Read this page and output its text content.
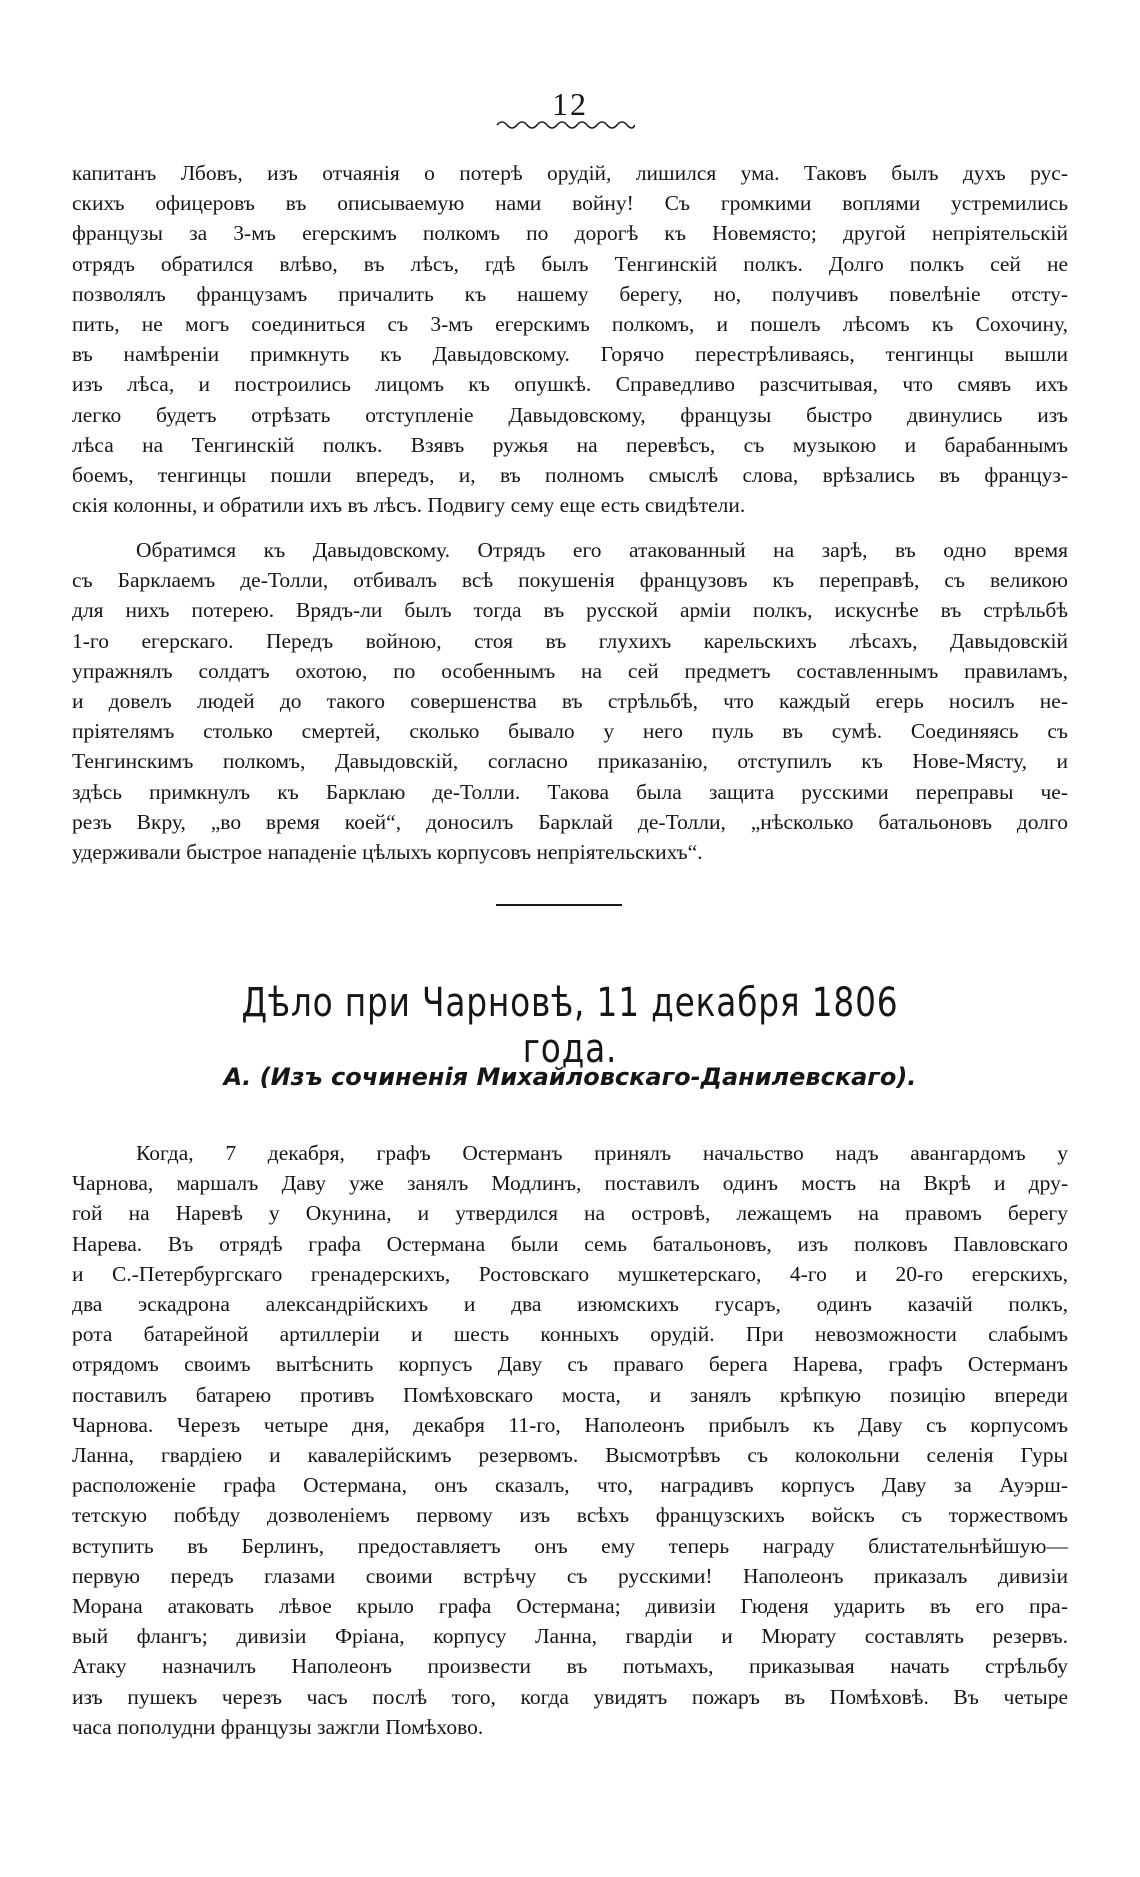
12
капитанъ Лбовъ, изъ отчаянія о потерѣ орудій, лишился ума. Таковъ былъ духъ рус-
скихъ офицеровъ въ описываемую нами войну! Съ громкими воплями устремились
французы за 3-мъ егерскимъ полкомъ по дорогѣ къ Новемясто; другой непріятельскій
отрядъ обратился влѣво, въ лѣсъ, гдѣ былъ Тенгинскій полкъ. Долго полкъ сей не
позволялъ французамъ причалить къ нашему берегу, но, получивъ повелѣніе отсту-
пить, не могъ соединиться съ 3-мъ егерскимъ полкомъ, и пошелъ лѣсомъ къ Сохочину,
въ намѣреніи примкнуть къ Давыдовскому. Горячо перестрѣливаясь, тенгинцы вышли
изъ лѣса, и построились лицомъ къ опушкѣ. Справедливо разсчитывая, что смявъ ихъ
легко будетъ отрѣзать отступленіе Давыдовскому, французы быстро двинулись изъ
лѣса на Тенгинскій полкъ. Взявъ ружья на перевѣсъ, съ музыкою и барабаннымъ
боемъ, тенгинцы пошли впередъ, и, въ полномъ смыслѣ слова, врѣзались въ француз-
скія колонны, и обратили ихъ въ лѣсъ. Подвигу сему еще есть свидѣтели.
Обратимся къ Давыдовскому. Отрядъ его атакованный на зарѣ, въ одно время
съ Барклаемъ де-Толли, отбивалъ всѣ покушенія французовъ къ переправѣ, съ великою
для нихъ потерею. Врядъ-ли былъ тогда въ русской арміи полкъ, искуснѣе въ стрѣльбѣ
1-го егерскаго. Передъ войною, стоя въ глухихъ карельскихъ лѣсахъ, Давыдовскій
упражнялъ солдатъ охотою, по особеннымъ на сей предметъ составленнымъ правиламъ,
и довелъ людей до такого совершенства въ стрѣльбѣ, что каждый егерь носилъ не-
пріятелямъ столько смертей, сколько бывало у него пуль въ сумѣ. Соединяясь съ
Тенгинскимъ полкомъ, Давыдовскій, согласно приказанію, отступилъ къ Нове-Мясту, и
здѣсь примкнулъ къ Барклаю де-Толли. Такова была защита русскими переправы че-
резъ Вкру, „во время коей“, доносилъ Барклай де-Толли, „нѣсколько батальоновъ долго
удерживали быстрое нападеніе цѣлыхъ корпусовъ непріятельскихъ“.
Дѣло при Чарновѣ, 11 декабря 1806 года.
А. (Изъ сочиненія Михайловскаго-Данилевскаго).
Когда, 7 декабря, графъ Остерманъ принялъ начальство надъ авангардомъ у
Чарнова, маршалъ Даву уже занялъ Модлинъ, поставилъ одинъ мостъ на Вкрѣ и дру-
гой на Наревѣ у Окунина, и утвердился на островѣ, лежащемъ на правомъ берегу
Нарева. Въ отрядѣ графа Остермана были семь батальоновъ, изъ полковъ Павловскаго
и С.-Петербургскаго гренадерскихъ, Ростовскаго мушкетерскаго, 4-го и 20-го егерскихъ,
два эскадрона александрійскихъ и два изюмскихъ гусаръ, одинъ казачій полкъ,
рота батарейной артиллеріи и шесть конныхъ орудій. При невозможности слабымъ
отрядомъ своимъ вытѣснить корпусъ Даву съ праваго берега Нарева, графъ Остерманъ
поставилъ батарею противъ Помѣховскаго моста, и занялъ крѣпкую позицію впереди
Чарнова. Черезъ четыре дня, декабря 11-го, Наполеонъ прибылъ къ Даву съ корпусомъ
Ланна, гвардіею и кавалерійскимъ резервомъ. Высмотрѣвъ съ колокольни селенія Гуры
расположеніе графа Остермана, онъ сказалъ, что, наградивъ корпусъ Даву за Ауэрш-
тетскую побѣду дозволеніемъ первому изъ всѣхъ французскихъ войскъ съ торжествомъ
вступить въ Берлинъ, предоставляетъ онъ ему теперь награду блистательнѣйшую—
первую передъ глазами своими встрѣчу съ русскими! Наполеонъ приказалъ дивизіи
Морана атаковать лѣвое крыло графа Остермана; дивизіи Гюденя ударить въ его пра-
вый флангъ; дивизіи Фріана, корпусу Ланна, гвардіи и Мюрату составлять резервъ.
Атаку назначилъ Наполеонъ произвести въ потьмахъ, приказывая начать стрѣльбу
изъ пушекъ черезъ часъ послѣ того, когда увидятъ пожаръ въ Помѣховѣ. Въ четыре
часа пополудни французы зажгли Помѣхово.
